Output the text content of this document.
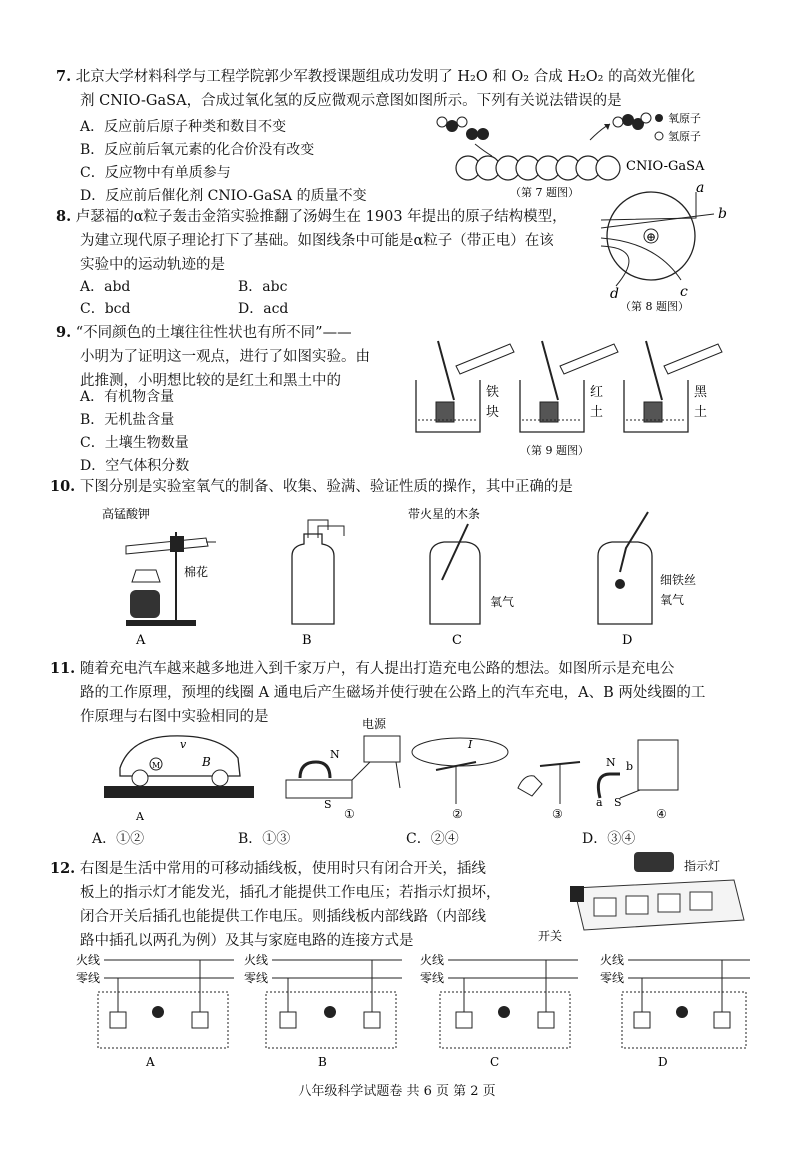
7. 北京大学材料科学与工程学院郭少军教授课题组成功发明了 H₂O 和 O₂ 合成 H₂O₂ 的高效光催化
剂 CNIO-GaSA，合成过氧化氢的反应微观示意图如图所示。下列有关说法错误的是
A．反应前后原子种类和数目不变
B．反应前后氧元素的化合价没有改变
C．反应物中有单质参与
D．反应前后催化剂 CNIO-GaSA 的质量不变
氧原子
氢原子
CNIO-GaSA
（第 7 题图）
8. 卢瑟福的α粒子轰击金箔实验推翻了汤姆生在 1903 年提出的原子结构模型，
为建立现代原子理论打下了基础。如图线条中可能是α粒子（带正电）在该
实验中的运动轨迹的是
A．abd	B．abc
C．bcd	D．acd
⊕
a
b
c
d
（第 8 题图）
9. “不同颜色的土壤往往性状也有所不同”——
小明为了证明这一观点，进行了如图实验。由
此推测，小明想比较的是红土和黑土中的
A．有机物含量
B．无机盐含量
C．土壤生物数量
D．空气体积分数
铁
块
红
土
黑
土
（第 9 题图）
10. 下图分别是实验室氧气的制备、收集、验满、验证性质的操作，其中正确的是
高锰酸钾
棉花
A	B
带火星的木条
氧气
C
细铁丝
氧气
D
11. 随着充电汽车越来越多地进入到千家万户，有人提出打造充电公路的想法。如图所示是充电公
路的工作原理，预埋的线圈 A 通电后产生磁场并使行驶在公路上的汽车充电，A、B 两处线圈的工
作原理与右图中实验相同的是
M
v
B
A
电源
N
S
①
I
②	③
N b
a S
④
A．①②	B．①③	C．②④	D．③④
12. 右图是生活中常用的可移动插线板，使用时只有闭合开关，插线
板上的指示灯才能发光，插孔才能提供工作电压；若指示灯损坏，
闭合开关后插孔也能提供工作电压。则插线板内部线路（内部线
路中插孔以两孔为例）及其与家庭电路的连接方式是
指示灯
开关
火线
零线
A
火线
零线
B
火线
零线
C
火线
零线
D
八年级科学试题卷 共 6 页 第 2 页
